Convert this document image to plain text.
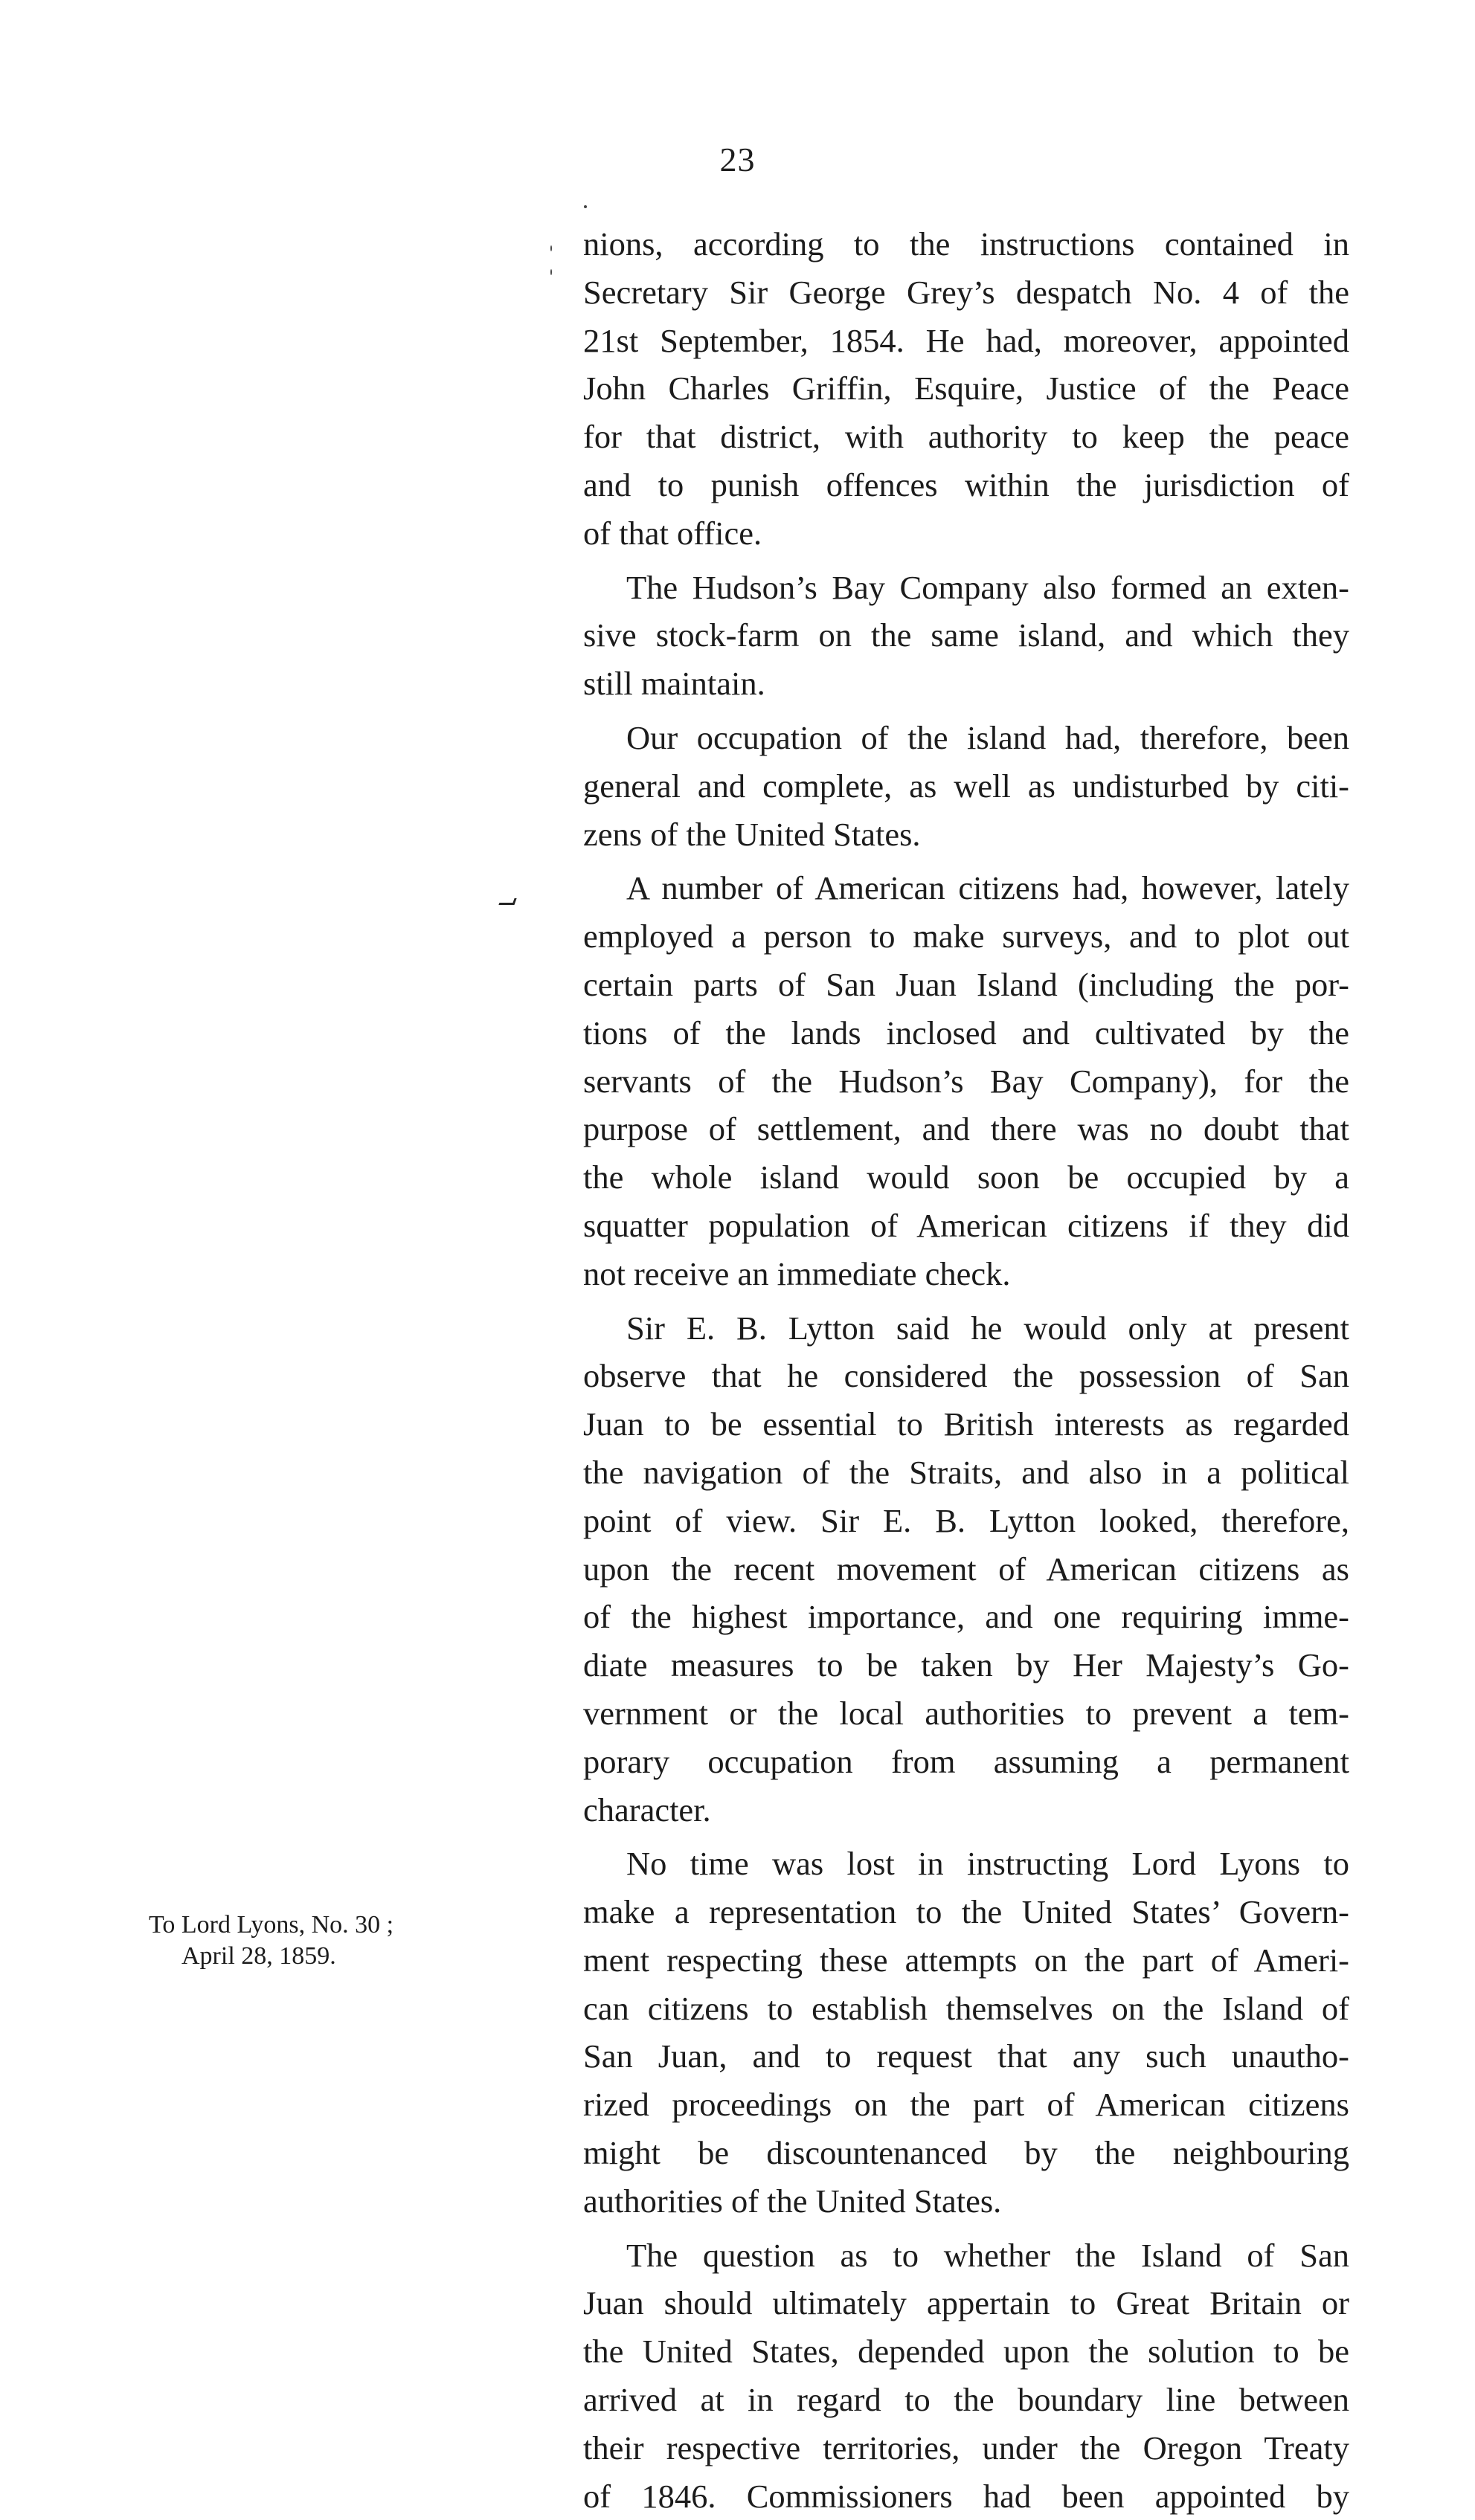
23

nions, according to the instructions contained in
Secretary Sir George Grey’s despatch No. 4 of the
21st September, 1854. He had, moreover, appointed
John Charles Griffin, Esquire, Justice of the Peace
for that district, with authority to keep the peace
and to punish offences within the jurisdiction of
of that office.

The Hudson’s Bay Company also formed an exten-
sive stock-farm on the same island, and which they
still maintain.

Our occupation of the island had, therefore, been
general and complete, as well as undisturbed by citi-
zens of the United States.

A number of American citizens had, however, lately
employed a person to make surveys, and to plot out
certain parts of San Juan Island (including the por-
tions of the lands inclosed and cultivated by the
servants of the Hudson’s Bay Company), for the
purpose of settlement, and there was no doubt that
the whole island would soon be occupied by a
squatter population of American citizens if they did
not receive an immediate check.

Sir E. B. Lytton said he would only at present
observe that he considered the possession of San
Juan to be essential to British interests as regarded
the navigation of the Straits, and also in a political
point of view. Sir E. B. Lytton looked, therefore,
upon the recent movement of American citizens as
of the highest importance, and one requiring imme-
diate measures to be taken by Her Majesty’s Go-
vernment or the local authorities to prevent a tem-
porary occupation from assuming a permanent
character.

No time was lost in instructing Lord Lyons to
make a representation to the United States’ Govern-
ment respecting these attempts on the part of Ameri-
can citizens to establish themselves on the Island of
San Juan, and to request that any such unautho-
rized proceedings on the part of American citizens
might be discountenanced by the neighbouring
authorities of the United States.

The question as to whether the Island of San
Juan should ultimately appertain to Great Britain or
the United States, depended upon the solution to be
arrived at in regard to the boundary line between
their respective territories, under the Oregon Treaty
of 1846. Commissioners had been appointed by

To Lord Lyons, No. 30 ;
April 28, 1859.
